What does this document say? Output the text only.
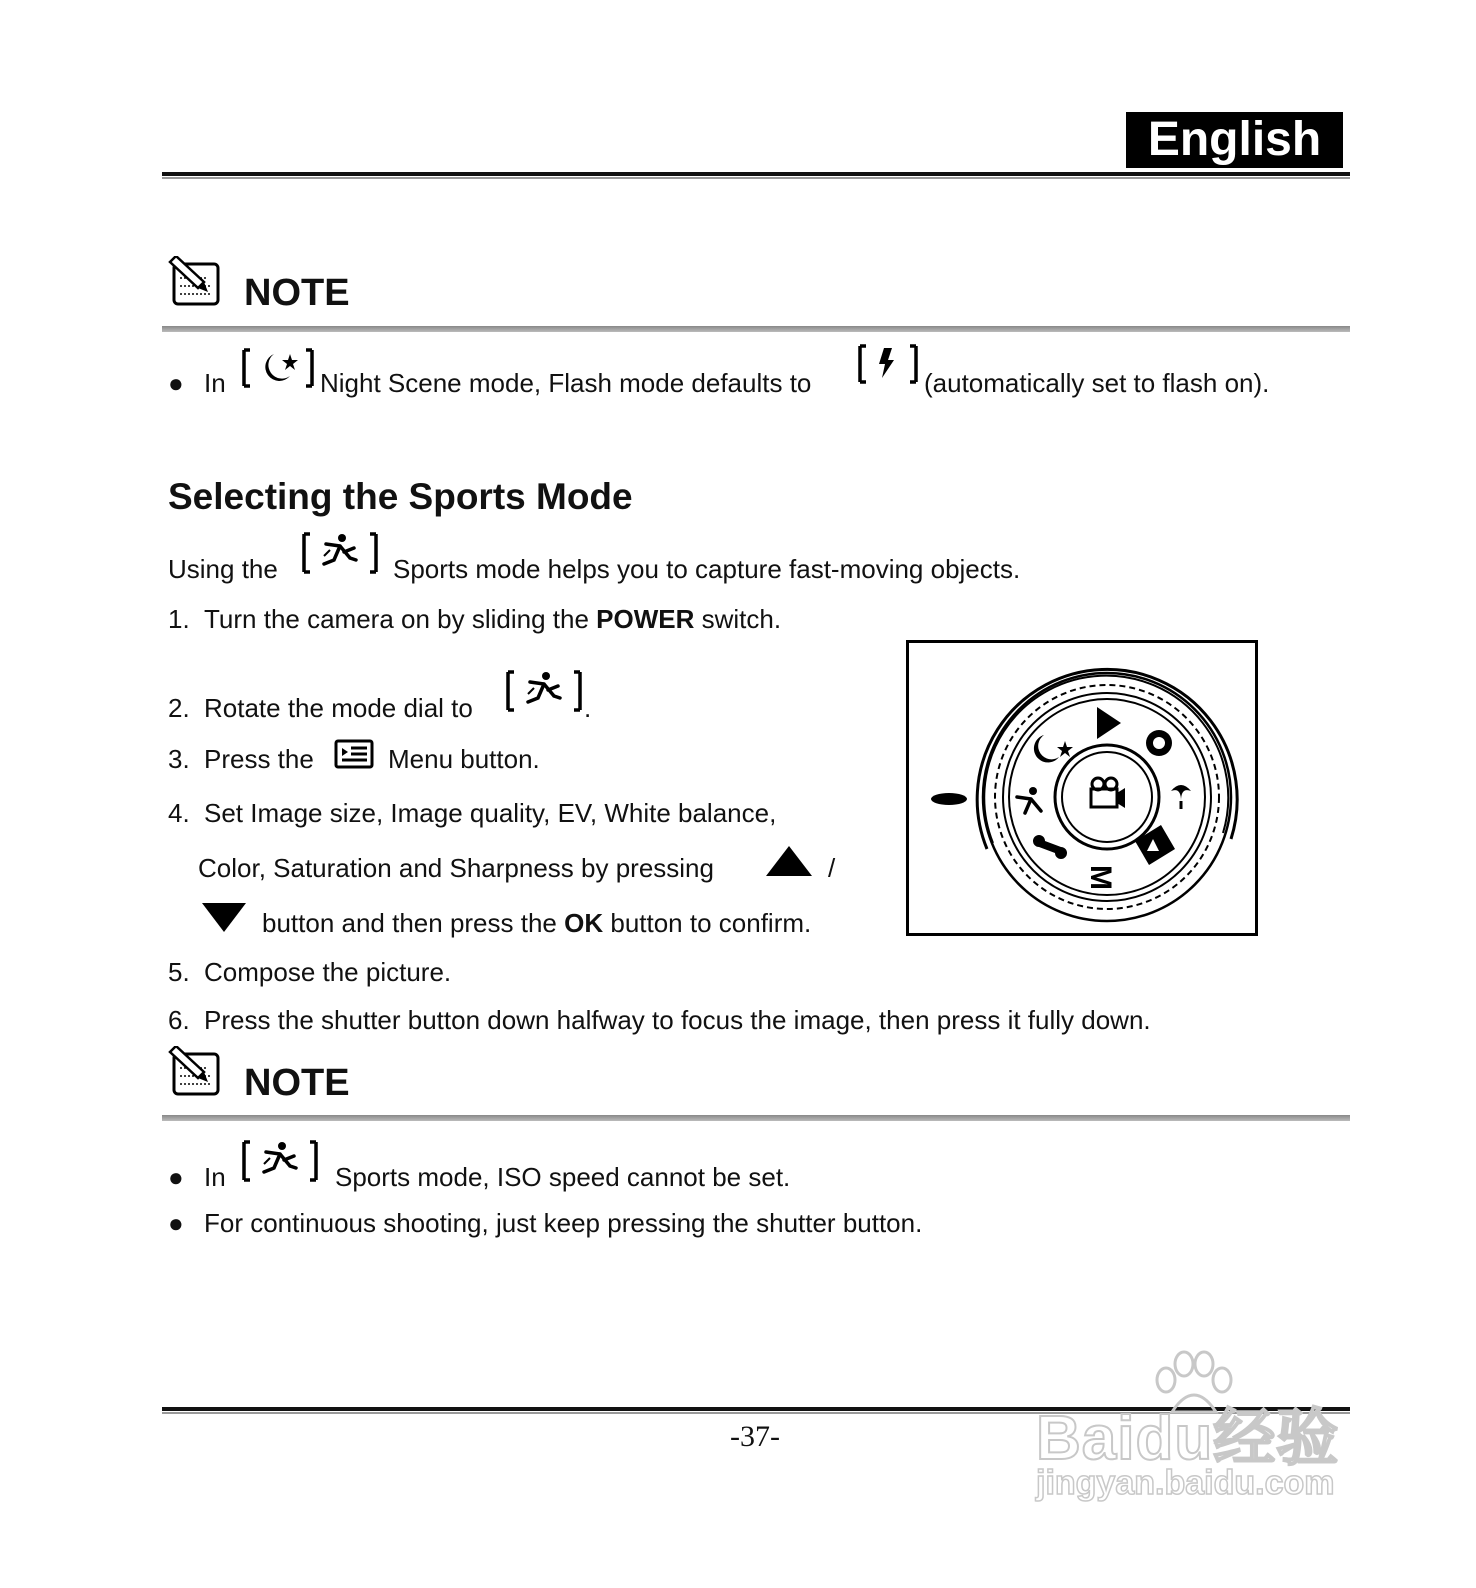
English
NOTE
● In	Night Scene mode, Flash mode defaults to	(automatically set to flash on).
Selecting the Sports Mode
Using the	Sports mode helps you to capture fast-moving objects.
1. Turn the camera on by sliding the POWER switch.
2. Rotate the mode dial to	.
3. Press the	Menu button.
4. Set Image size, Image quality, EV, White balance,
Color, Saturation and Sharpness by pressing	/
button and then press the OK button to confirm.
M
5. Compose the picture.
6. Press the shutter button down halfway to focus the image, then press it fully down.
NOTE
● In	Sports mode, ISO speed cannot be set.
● For continuous shooting, just keep pressing the shutter button.
-37-	Baidu经验
jingyan.baidu.com
